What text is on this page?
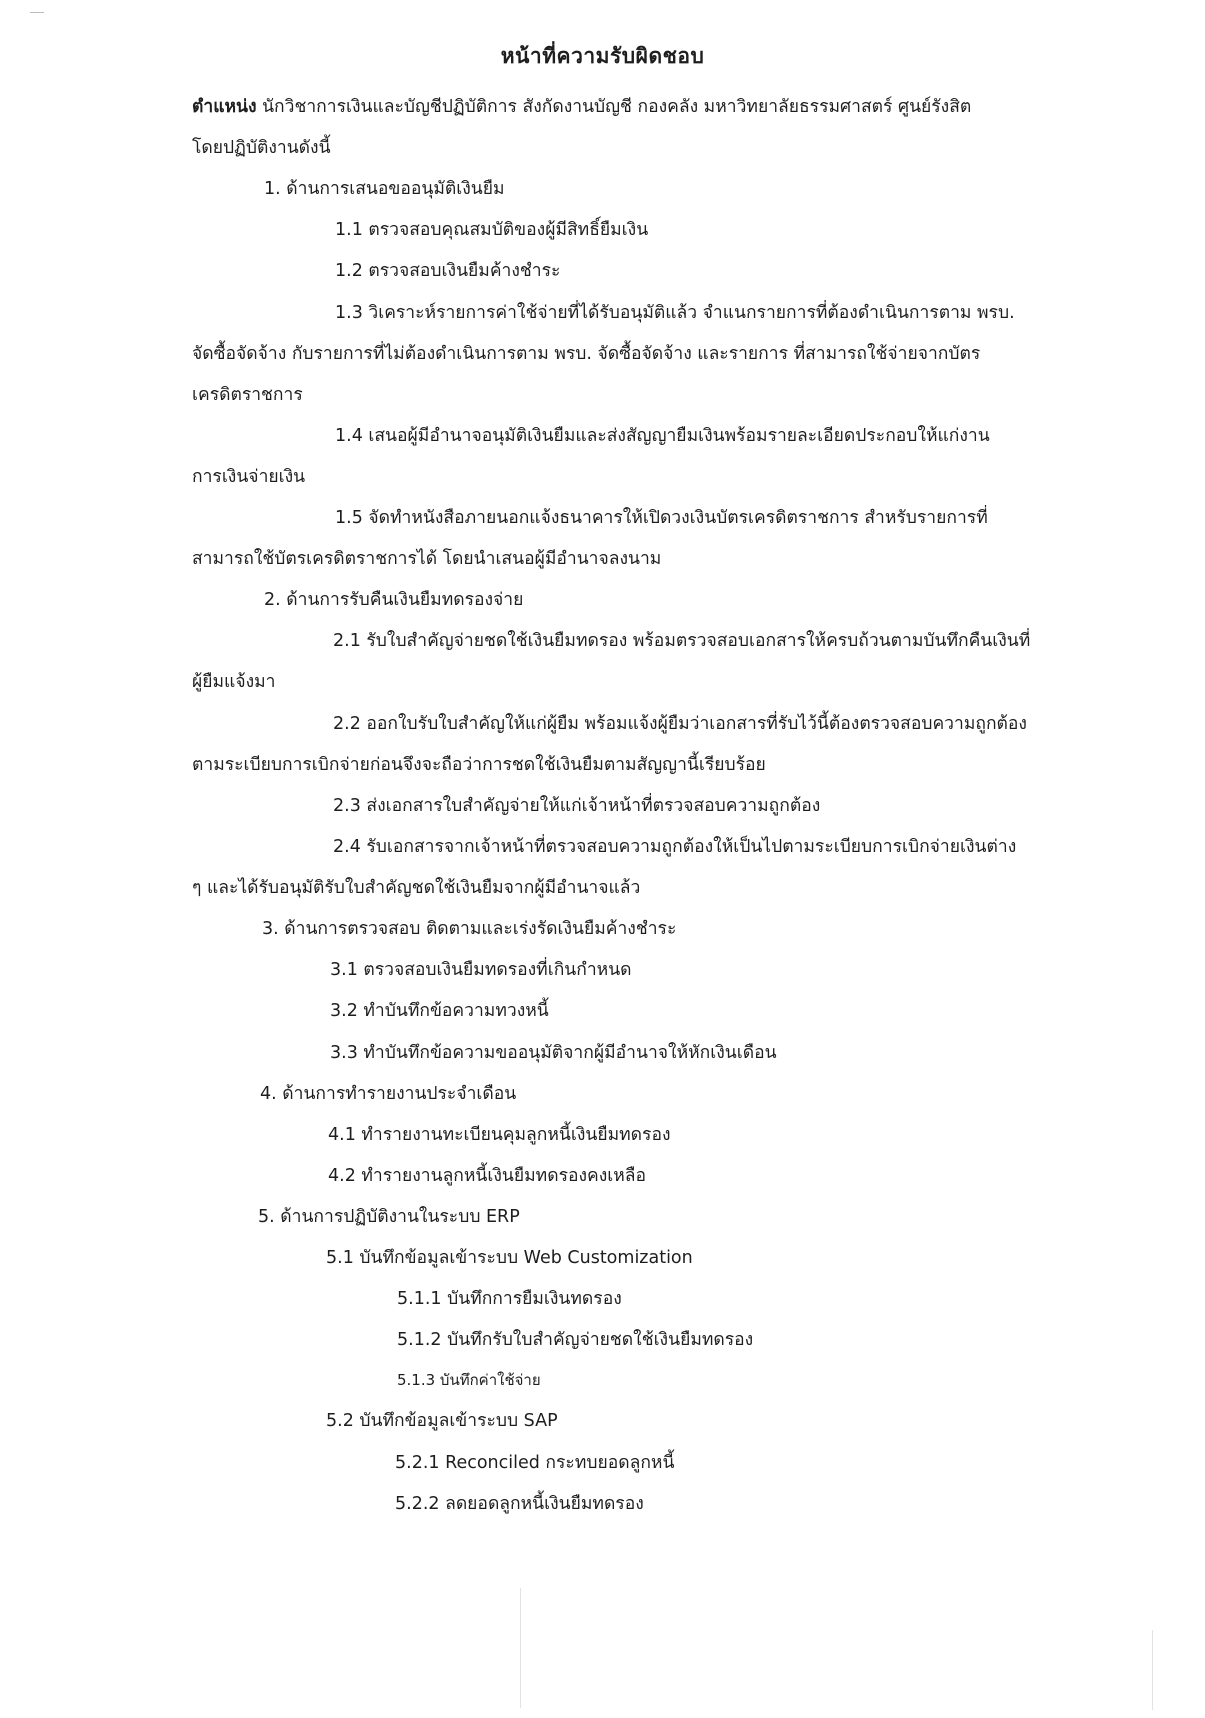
หน้าที่ความรับผิดชอบ
ตำแหน่ง นักวิชาการเงินและบัญชีปฏิบัติการ สังกัดงานบัญชี กองคลัง มหาวิทยาลัยธรรมศาสตร์ ศูนย์รังสิต
โดยปฏิบัติงานดังนี้
1. ด้านการเสนอขออนุมัติเงินยืม
1.1 ตรวจสอบคุณสมบัติของผู้มีสิทธิ์ยืมเงิน
1.2 ตรวจสอบเงินยืมค้างชำระ
1.3 วิเคราะห์รายการค่าใช้จ่ายที่ได้รับอนุมัติแล้ว จำแนกรายการที่ต้องดำเนินการตาม พรบ.
จัดซื้อจัดจ้าง กับรายการที่ไม่ต้องดำเนินการตาม พรบ. จัดซื้อจัดจ้าง และรายการ ที่สามารถใช้จ่ายจากบัตร
เครดิตราชการ
1.4 เสนอผู้มีอำนาจอนุมัติเงินยืมและส่งสัญญายืมเงินพร้อมรายละเอียดประกอบให้แก่งาน
การเงินจ่ายเงิน
1.5 จัดทำหนังสือภายนอกแจ้งธนาคารให้เปิดวงเงินบัตรเครดิตราชการ สำหรับรายการที่
สามารถใช้บัตรเครดิตราชการได้ โดยนำเสนอผู้มีอำนาจลงนาม
2. ด้านการรับคืนเงินยืมทดรองจ่าย
2.1 รับใบสำคัญจ่ายชดใช้เงินยืมทดรอง พร้อมตรวจสอบเอกสารให้ครบถ้วนตามบันทึกคืนเงินที่
ผู้ยืมแจ้งมา
2.2 ออกใบรับใบสำคัญให้แก่ผู้ยืม พร้อมแจ้งผู้ยืมว่าเอกสารที่รับไว้นี้ต้องตรวจสอบความถูกต้อง
ตามระเบียบการเบิกจ่ายก่อนจึงจะถือว่าการชดใช้เงินยืมตามสัญญานี้เรียบร้อย
2.3 ส่งเอกสารใบสำคัญจ่ายให้แก่เจ้าหน้าที่ตรวจสอบความถูกต้อง
2.4 รับเอกสารจากเจ้าหน้าที่ตรวจสอบความถูกต้องให้เป็นไปตามระเบียบการเบิกจ่ายเงินต่าง
ๆ และได้รับอนุมัติรับใบสำคัญชดใช้เงินยืมจากผู้มีอำนาจแล้ว
3. ด้านการตรวจสอบ ติดตามและเร่งรัดเงินยืมค้างชำระ
3.1 ตรวจสอบเงินยืมทดรองที่เกินกำหนด
3.2 ทำบันทึกข้อความทวงหนี้
3.3 ทำบันทึกข้อความขออนุมัติจากผู้มีอำนาจให้หักเงินเดือน
4. ด้านการทำรายงานประจำเดือน
4.1 ทำรายงานทะเบียนคุมลูกหนี้เงินยืมทดรอง
4.2 ทำรายงานลูกหนี้เงินยืมทดรองคงเหลือ
5. ด้านการปฏิบัติงานในระบบ ERP
5.1 บันทึกข้อมูลเข้าระบบ Web Customization
5.1.1 บันทึกการยืมเงินทดรอง
5.1.2 บันทึกรับใบสำคัญจ่ายชดใช้เงินยืมทดรอง
5.1.3 บันทึกค่าใช้จ่าย
5.2 บันทึกข้อมูลเข้าระบบ SAP
5.2.1 Reconciled กระทบยอดลูกหนี้
5.2.2 ลดยอดลูกหนี้เงินยืมทดรอง
